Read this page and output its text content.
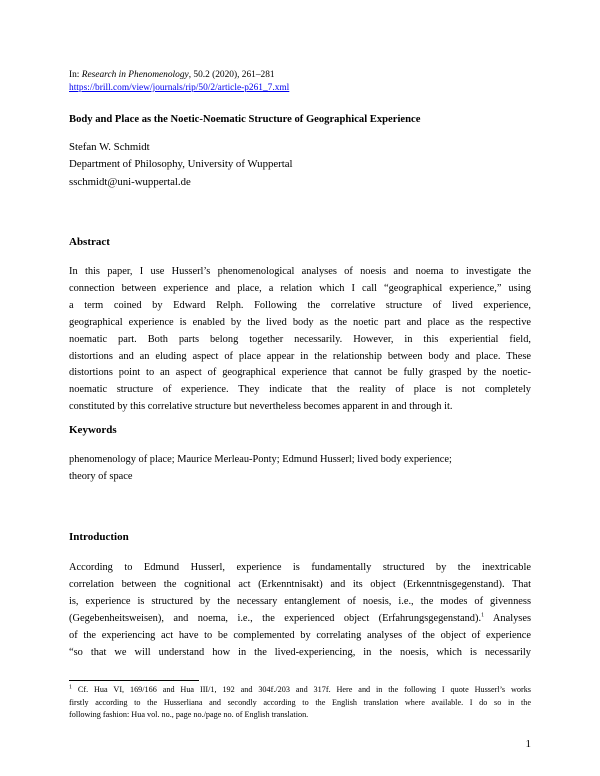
In: Research in Phenomenology, 50.2 (2020), 261–281
https://brill.com/view/journals/rip/50/2/article-p261_7.xml
Body and Place as the Noetic-Noematic Structure of Geographical Experience
Stefan W. Schmidt
Department of Philosophy, University of Wuppertal
sschmidt@uni-wuppertal.de
Abstract
In this paper, I use Husserl’s phenomenological analyses of noesis and noema to investigate the
connection between experience and place, a relation which I call “geographical experience,” using
a term coined by Edward Relph. Following the correlative structure of lived experience,
geographical experience is enabled by the lived body as the noetic part and place as the respective
noematic part. Both parts belong together necessarily. However, in this experiential field,
distortions and an eluding aspect of place appear in the relationship between body and place. These
distortions point to an aspect of geographical experience that cannot be fully grasped by the noetic-
noematic structure of experience. They indicate that the reality of place is not completely
constituted by this correlative structure but nevertheless becomes apparent in and through it.
Keywords
phenomenology of place; Maurice Merleau-Ponty; Edmund Husserl; lived body experience;
theory of space
Introduction
According to Edmund Husserl, experience is fundamentally structured by the inextricable
correlation between the cognitional act (Erkenntnisakt) and its object (Erkenntnisgegenstand). That
is, experience is structured by the necessary entanglement of noesis, i.e., the modes of givenness
(Gegebenheitsweisen), and noema, i.e., the experienced object (Erfahrungsgegenstand).$^1$ Analyses
of the experiencing act have to be complemented by correlating analyses of the object of experience
“so that we will understand how in the lived-experiencing, in the noesis, which is necessarily
$^1$ Cf. Hua VI, 169/166 and Hua III/1, 192 and 304f./203 and 317f. Here and in the following I quote Husserl’s works
firstly according to the Husserliana and secondly according to the English translation where available. I do so in the
following fashion: Hua vol. no., page no./page no. of English translation.
1
